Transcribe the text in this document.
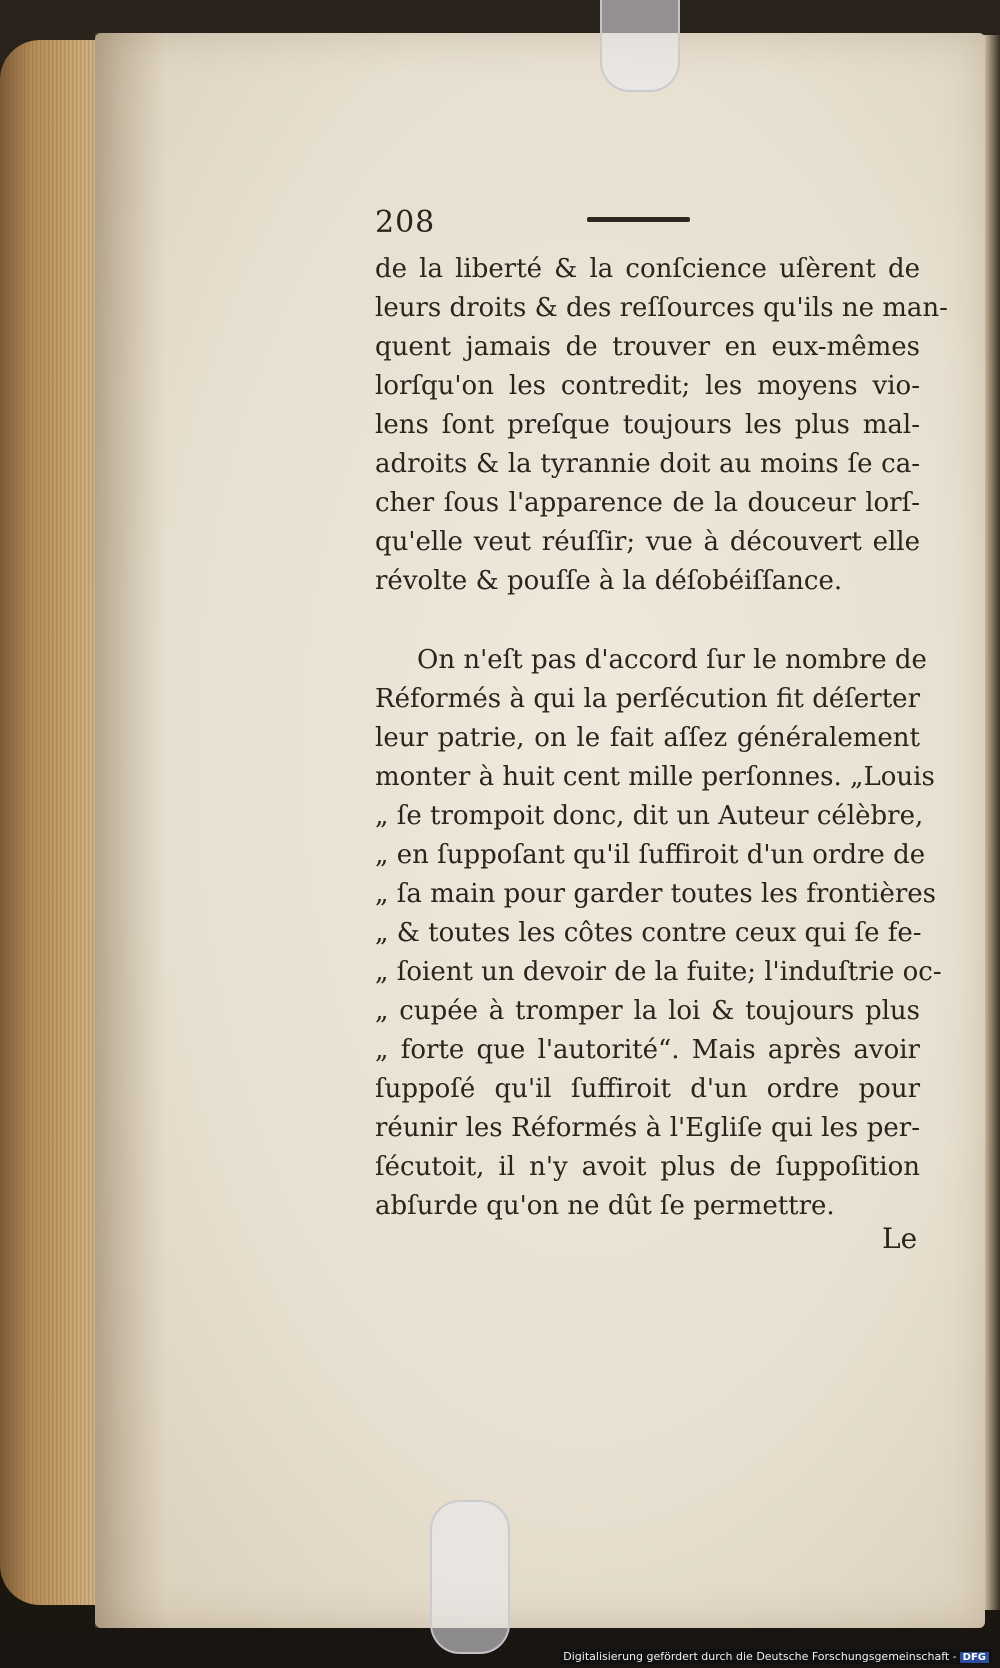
208
de la liberté & la conſcience uſèrent de
leurs droits & des reſſources qu'ils ne man-
quent jamais de trouver en eux-mêmes
lorſqu'on les contredit; les moyens vio-
lens ſont preſque toujours les plus mal-
adroits & la tyrannie doit au moins ſe ca-
cher ſous l'apparence de la douceur lorſ-
qu'elle veut réuſſir; vue à découvert elle
révolte & pouſſe à la déſobéiſſance.
On n'eſt pas d'accord ſur le nombre de
Réformés à qui la perſécution fit déſerter
leur patrie, on le fait aſſez généralement
monter à huit cent mille perſonnes. „Louis
„ ſe trompoit donc, dit un Auteur célèbre,
„ en ſuppoſant qu'il ſuffiroit d'un ordre de
„ ſa main pour garder toutes les frontières
„ & toutes les côtes contre ceux qui ſe fe-
„ ſoient un devoir de la fuite; l'induſtrie oc-
„ cupée à tromper la loi & toujours plus
„ forte que l'autorité“. Mais après avoir
ſuppoſé qu'il ſuffiroit d'un ordre pour
réunir les Réformés à l'Egliſe qui les per-
ſécutoit, il n'y avoit plus de ſuppoſition
abſurde qu'on ne dût ſe permettre.
Le
Digitalisierung gefördert durch die Deutsche Forschungsgemeinschaft - DFG
